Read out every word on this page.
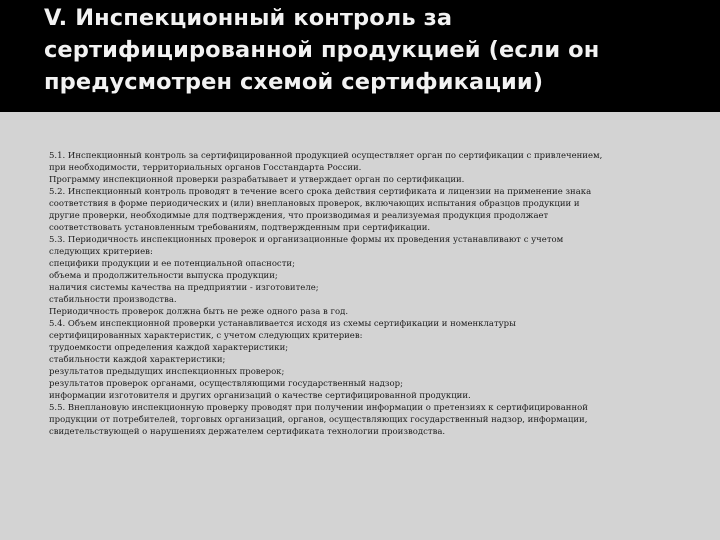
V. Инспекционный контроль за
сертифицированной продукцией (если он
предусмотрен схемой сертификации)
5.1. Инспекционный контроль за сертифицированной продукцией осуществляет орган по сертификации с привлечением,
при необходимости, территориальных органов Госстандарта России.
Программу инспекционной проверки разрабатывает и утверждает орган по сертификации.
5.2. Инспекционный контроль проводят в течение всего срока действия сертификата и лицензии на применение знака
соответствия в форме периодических и (или) внеплановых проверок, включающих испытания образцов продукции и
другие проверки, необходимые для подтверждения, что производимая и реализуемая продукция продолжает
соответствовать установленным требованиям, подтвержденным при сертификации.
5.3. Периодичность инспекционных проверок и организационные формы их проведения устанавливают с учетом
следующих критериев:
специфики продукции и ее потенциальной опасности;
объема и продолжительности выпуска продукции;
наличия системы качества на предприятии - изготовителе;
стабильности производства.
Периодичность проверок должна быть не реже одного раза в год.
5.4. Объем инспекционной проверки устанавливается исходя из схемы сертификации и номенклатуры
сертифицированных характеристик, с учетом следующих критериев:
трудоемкости определения каждой характеристики;
стабильности каждой характеристики;
результатов предыдущих инспекционных проверок;
результатов проверок органами, осуществляющими государственный надзор;
информации изготовителя и других организаций о качестве сертифицированной продукции.
5.5. Внеплановую инспекционную проверку проводят при получении информации о претензиях к сертифицированной
продукции от потребителей, торговых организаций, органов, осуществляющих государственный надзор, информации,
свидетельствующей о нарушениях держателем сертификата технологии производства.
